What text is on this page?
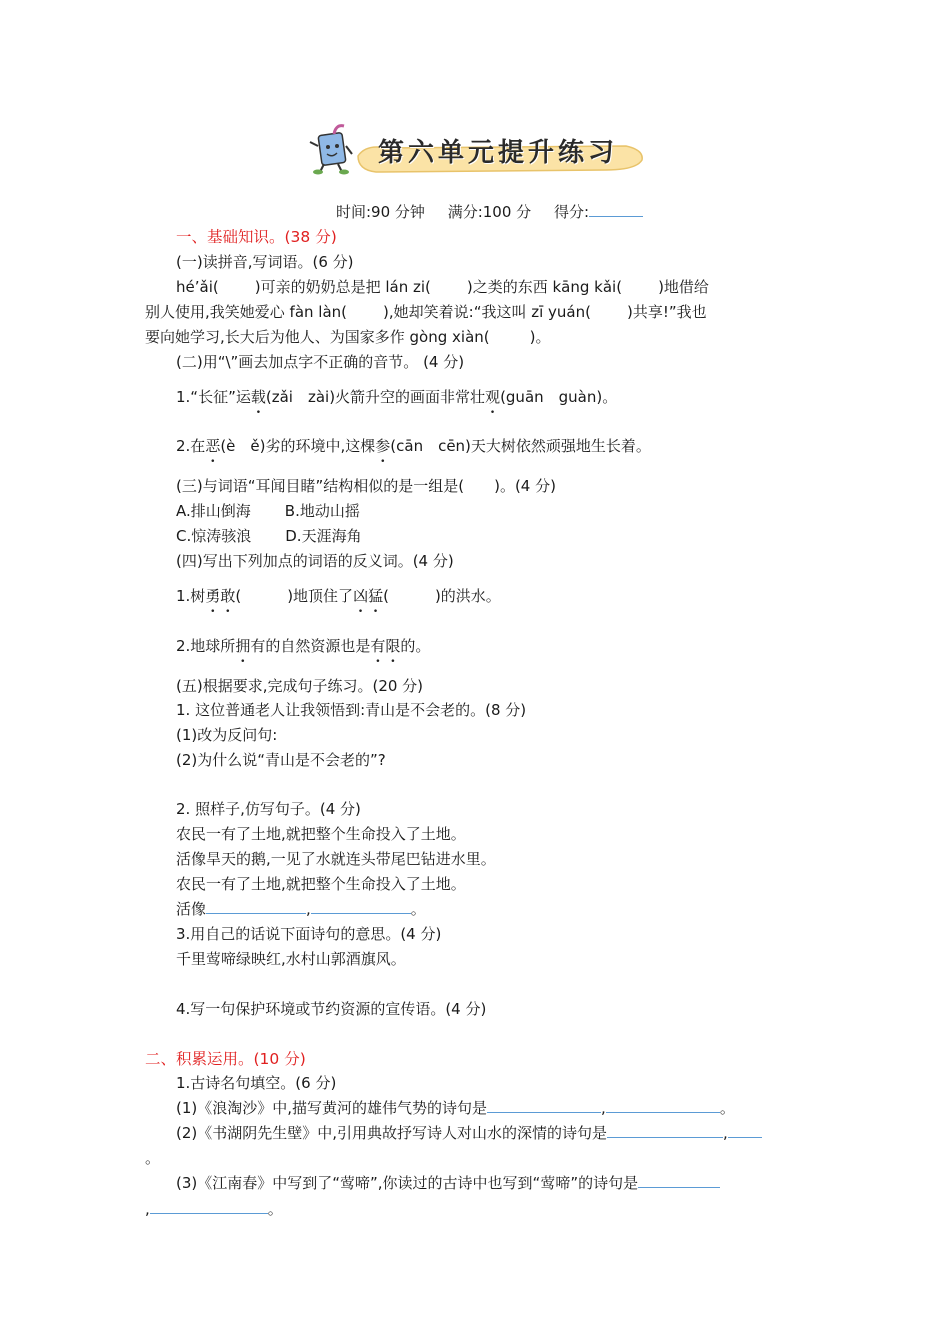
第六单元提升练习
时间:90 分钟 满分:100 分 得分:
一、基础知识。(38 分)
(一)读拼音,写词语。(6 分)
hé’ǎi( )可亲的奶奶总是把 lán zi( )之类的东西 kāng kǎi( )地借给
别人使用,我笑她爱心 fàn làn( ),她却笑着说:“我这叫 zī yuán( )共享!”我也
要向她学习,长大后为他人、为国家多作 gòng xiàn(	)。
(二)用“\”画去加点字不正确的音节。 (4 分)
1.“长征”运载(zǎi　zài)火箭升空的画面非常壮观(guān　guàn)。
2.在恶(è　ě)劣的环境中,这棵参(cān　cēn)天大树依然顽强地生长着。
(三)与词语“耳闻目睹”结构相似的是一组是(　　)。(4 分)
A.排山倒海 B.地动山摇
C.惊涛骇浪 D.天涯海角
(四)写出下列加点的词语的反义词。(4 分)
1.树勇敢(	)地顶住了凶猛(	)的洪水。
2.地球所拥有的自然资源也是有限的。
(五)根据要求,完成句子练习。(20 分)
1. 这位普通老人让我领悟到:青山是不会老的。(8 分)
(1)改为反问句:
(2)为什么说“青山是不会老的”?
2. 照样子,仿写句子。(4 分)
农民一有了土地,就把整个生命投入了土地。
活像旱天的鹅,一见了水就连头带尾巴钻进水里。
农民一有了土地,就把整个生命投入了土地。
活像	,	。
3.用自己的话说下面诗句的意思。(4 分)
千里莺啼绿映红,水村山郭酒旗风。
4.写一句保护环境或节约资源的宣传语。(4 分)
二、积累运用。(10 分)
1.古诗名句填空。(6 分)
(1)《浪淘沙》中,描写黄河的雄伟气势的诗句是	,	。
(2)《书湖阴先生壁》中,引用典故抒写诗人对山水的深情的诗句是	,
。
(3)《江南春》中写到了“莺啼”,你读过的古诗中也写到“莺啼”的诗句是
,	。
